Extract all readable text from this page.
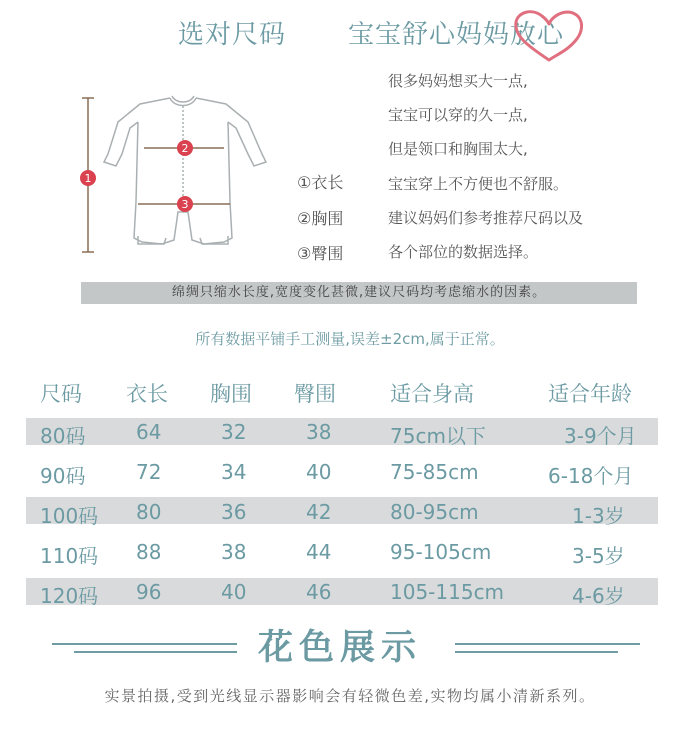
选对尺码 宝宝舒心妈妈放心
1
2
3
①衣长
②胸围
③臀围
很多妈妈想买大一点,
宝宝可以穿的久一点,
但是领口和胸围太大,
宝宝穿上不方便也不舒服。
建议妈妈们参考推荐尺码以及
各个部位的数据选择。
绵绸只缩水长度,宽度变化甚微,建议尺码均考虑缩水的因素。
所有数据平铺手工测量,误差±2cm,属于正常。
尺码 衣长 胸围 臀围	适合身高	适合年龄
80码	64	32	38	75cm以下	3-9个月
90码	72	34	40	75-85cm	6-18个月
100码 80	36	42	80-95cm	1-3岁
110码 88	38	44	95-105cm	3-5岁
120码 96	40	46	105-115cm	4-6岁
花色展示
实景拍摄,受到光线显示器影响会有轻微色差,实物均属小清新系列。
